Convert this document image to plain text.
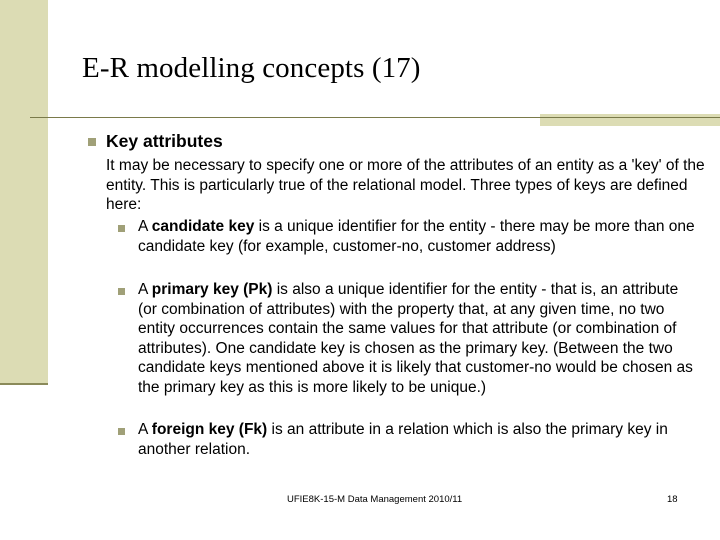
E-R modelling concepts (17)
Key attributes

It may be necessary to specify one or more of the attributes of an entity as a 'key' of the entity. This is particularly true of the relational model. Three types of keys are defined here:

A candidate key is a unique identifier for the entity - there may be more than one candidate key (for example, customer-no, customer address)

A primary key (Pk) is also a unique identifier for the entity - that is, an attribute (or combination of attributes) with the property that, at any given time, no two entity occurrences contain the same values for that attribute (or combination of attributes). One candidate key is chosen as the primary key. (Between the two candidate keys mentioned above it is likely that customer-no would be chosen as the primary key as this is more likely to be unique.)

A foreign key (Fk) is an attribute in a relation which is also the primary key in another relation.

UFIE8K-15-M Data Management 2010/11	18
